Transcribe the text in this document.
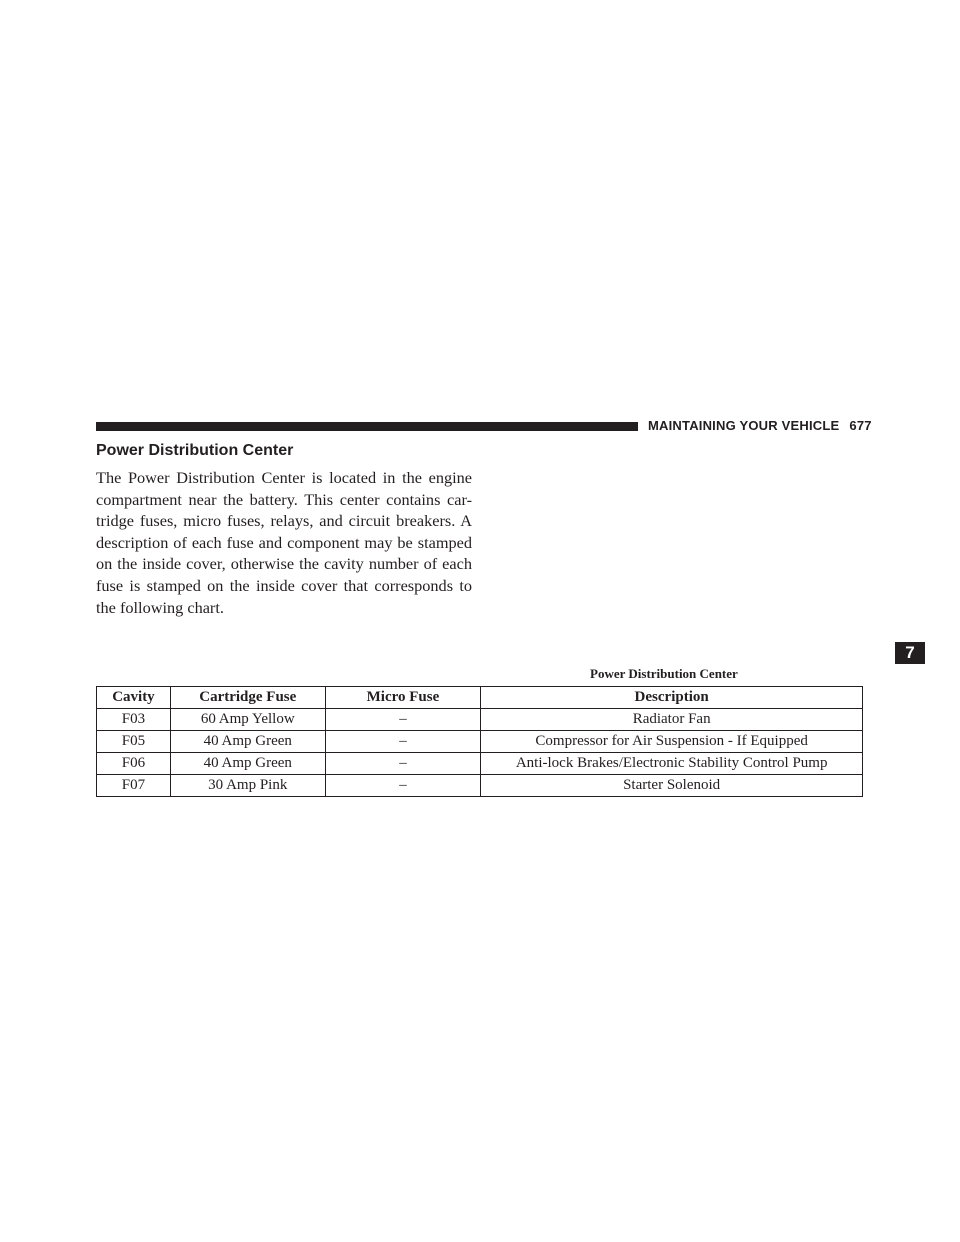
MAINTAINING YOUR VEHICLE 677
Power Distribution Center

The Power Distribution Center is located in the engine compartment near the battery. This center contains car-tridge fuses, micro fuses, relays, and circuit breakers. A description of each fuse and component may be stamped on the inside cover, otherwise the cavity number of each fuse is stamped on the inside cover that corresponds to the following chart.

7
Power Distribution Center
Cavity	Cartridge Fuse	Micro Fuse	Description
F03	60 Amp Yellow	–	Radiator Fan
F05	40 Amp Green	–	Compressor for Air Suspension - If Equipped
F06	40 Amp Green	–	Anti-lock Brakes/Electronic Stability Control Pump
F07	30 Amp Pink	–	Starter Solenoid
